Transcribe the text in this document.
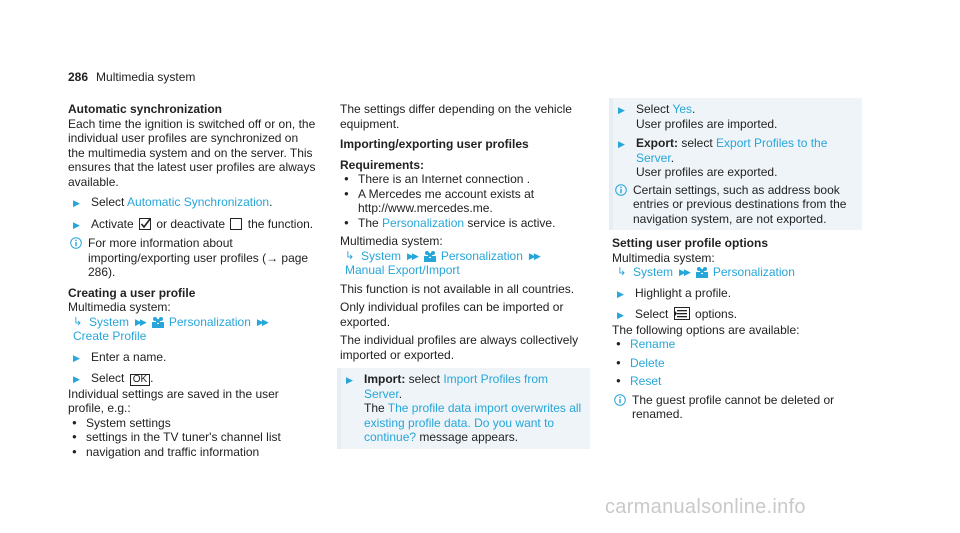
286 Multimedia system

Automatic synchronization

Each time the ignition is switched off or on, the individual user profiles are synchronized on the multimedia system and on the server. This ensures that the latest user profiles are always available.

▶ Select Automatic Synchronization.
▶ Activate  or deactivate  the function.
For more information about importing/exporting user profiles (→ page 286).

Creating a user profile

Multimedia system:

↳ System ▶▶ Personalization ▶▶
Create Profile
▶ Enter a name.
▶ Select OK .

Individual settings are saved in the user profile, e.g.:

● System settings
● settings in the TV tuner's channel list
● navigation and traffic information

The settings differ depending on the vehicle equipment.

Importing/exporting user profiles

Requirements:

● There is an Internet connection .
● A Mercedes me account exists at http://www.mercedes.me.
● The Personalization service is active.

Multimedia system:

↳ System ▶▶ Personalization ▶▶
Manual Export/Import

This function is not available in all countries.

Only individual profiles can be imported or exported.

The individual profiles are always collectively imported or exported.

▶ Import: select Import Profiles from Server.
The The profile data import overwrites all existing profile data. Do you want to continue? message appears.
▶ Select Yes.
User profiles are imported.
▶ Export: select Export Profiles to the Server.
User profiles are exported.
Certain settings, such as address book entries or previous destinations from the navigation system, are not exported.

Setting user profile options

Multimedia system:

↳ System ▶▶ Personalization
▶ Highlight a profile.
▶ Select  options.

The following options are available:

● Rename
● Delete
● Reset
The guest profile cannot be deleted or renamed.
carmanualsonline.info
